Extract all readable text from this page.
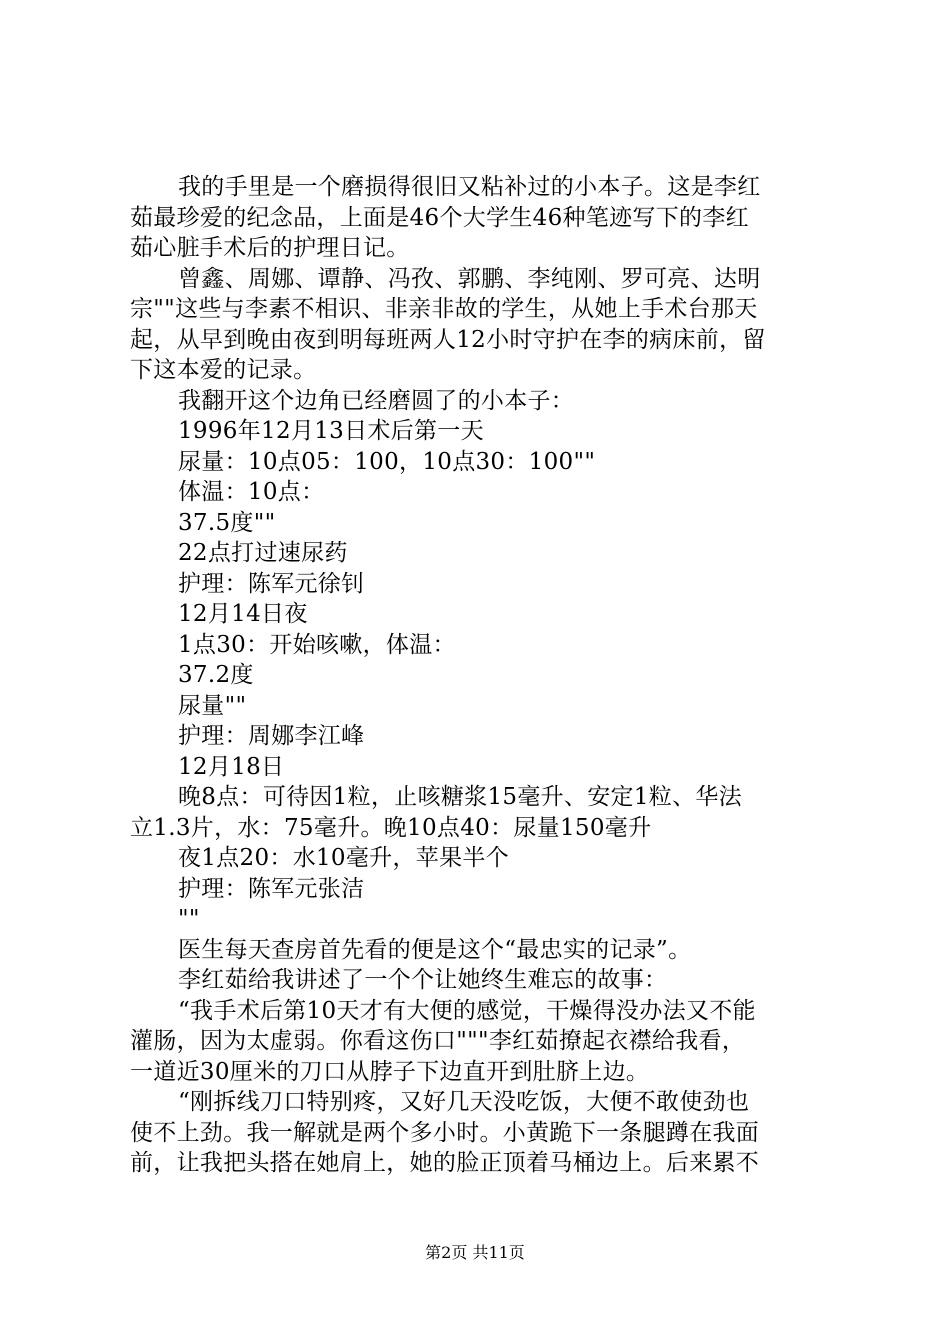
我的手里是一个磨损得很旧又粘补过的小本子。这是李红
茹最珍爱的纪念品，上面是46个大学生46种笔迹写下的李红
茹心脏手术后的护理日记。
曾鑫、周娜、谭静、冯孜、郭鹏、李纯刚、罗可亮、达明
宗""这些与李素不相识、非亲非故的学生，从她上手术台那天
起，从早到晚由夜到明每班两人12小时守护在李的病床前，留
下这本爱的记录。
我翻开这个边角已经磨圆了的小本子：
1996年12月13日术后第一天
尿量：10点05：100，10点30：100""
体温：10点：
37.5度""
22点打过速尿药
护理：陈军元徐钊
12月14日夜
1点30：开始咳嗽，体温：
37.2度
尿量""
护理：周娜李江峰
12月18日
晚8点：可待因1粒，止咳糖浆15毫升、安定1粒、华法
立1.3片，水：75毫升。晚10点40：尿量150毫升
夜1点20：水10毫升，苹果半个
护理：陈军元张洁
""
医生每天查房首先看的便是这个“最忠实的记录”。
李红茹给我讲述了一个个让她终生难忘的故事：
“我手术后第10天才有大便的感觉，干燥得没办法又不能
灌肠，因为太虚弱。你看这伤口"""李红茹撩起衣襟给我看，
一道近30厘米的刀口从脖子下边直开到肚脐上边。
“刚拆线刀口特别疼，又好几天没吃饭，大便不敢使劲也
使不上劲。我一解就是两个多小时。小黄跪下一条腿蹲在我面
前，让我把头搭在她肩上，她的脸正顶着马桶边上。后来累不
第2页 共11页
